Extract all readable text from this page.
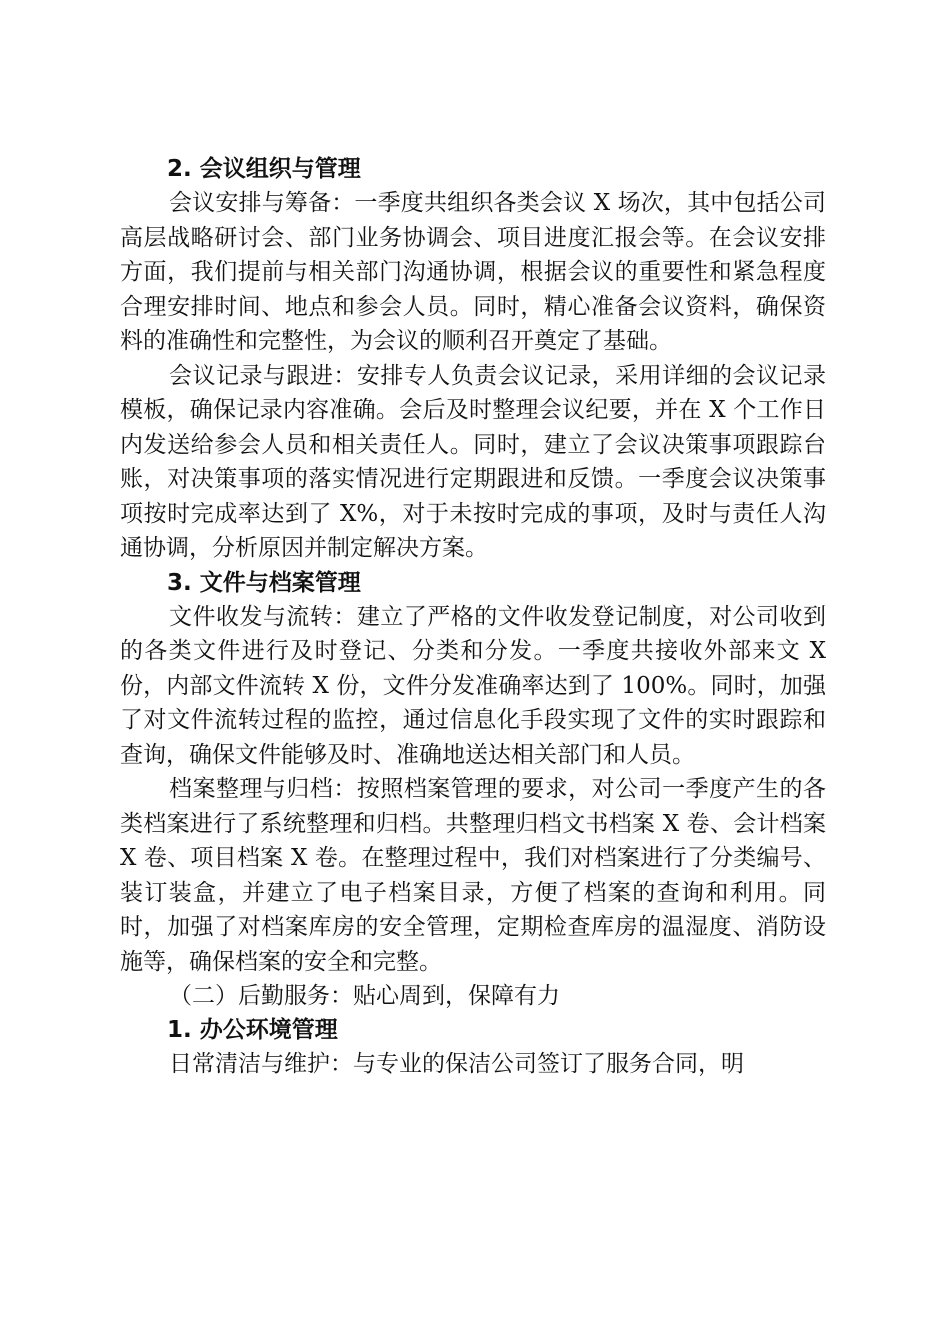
2. 会议组织与管理
会议安排与筹备：一季度共组织各类会议 X 场次，其中包括公司高层战略研讨会、部门业务协调会、项目进度汇报会等。在会议安排方面，我们提前与相关部门沟通协调，根据会议的重要性和紧急程度合理安排时间、地点和参会人员。同时，精心准备会议资料，确保资料的准确性和完整性，为会议的顺利召开奠定了基础。
会议记录与跟进：安排专人负责会议记录，采用详细的会议记录模板，确保记录内容准确。会后及时整理会议纪要，并在 X 个工作日内发送给参会人员和相关责任人。同时，建立了会议决策事项跟踪台账，对决策事项的落实情况进行定期跟进和反馈。一季度会议决策事项按时完成率达到了 X%，对于未按时完成的事项，及时与责任人沟通协调，分析原因并制定解决方案。
3. 文件与档案管理
文件收发与流转：建立了严格的文件收发登记制度，对公司收到的各类文件进行及时登记、分类和分发。一季度共接收外部来文 X 份，内部文件流转 X 份，文件分发准确率达到了 100%。同时，加强了对文件流转过程的监控，通过信息化手段实现了文件的实时跟踪和查询，确保文件能够及时、准确地送达相关部门和人员。
档案整理与归档：按照档案管理的要求，对公司一季度产生的各类档案进行了系统整理和归档。共整理归档文书档案 X 卷、会计档案 X 卷、项目档案 X 卷。在整理过程中，我们对档案进行了分类编号、装订装盒，并建立了电子档案目录，方便了档案的查询和利用。同时，加强了对档案库房的安全管理，定期检查库房的温湿度、消防设施等，确保档案的安全和完整。
（二）后勤服务：贴心周到，保障有力
1. 办公环境管理
日常清洁与维护：与专业的保洁公司签订了服务合同，明
